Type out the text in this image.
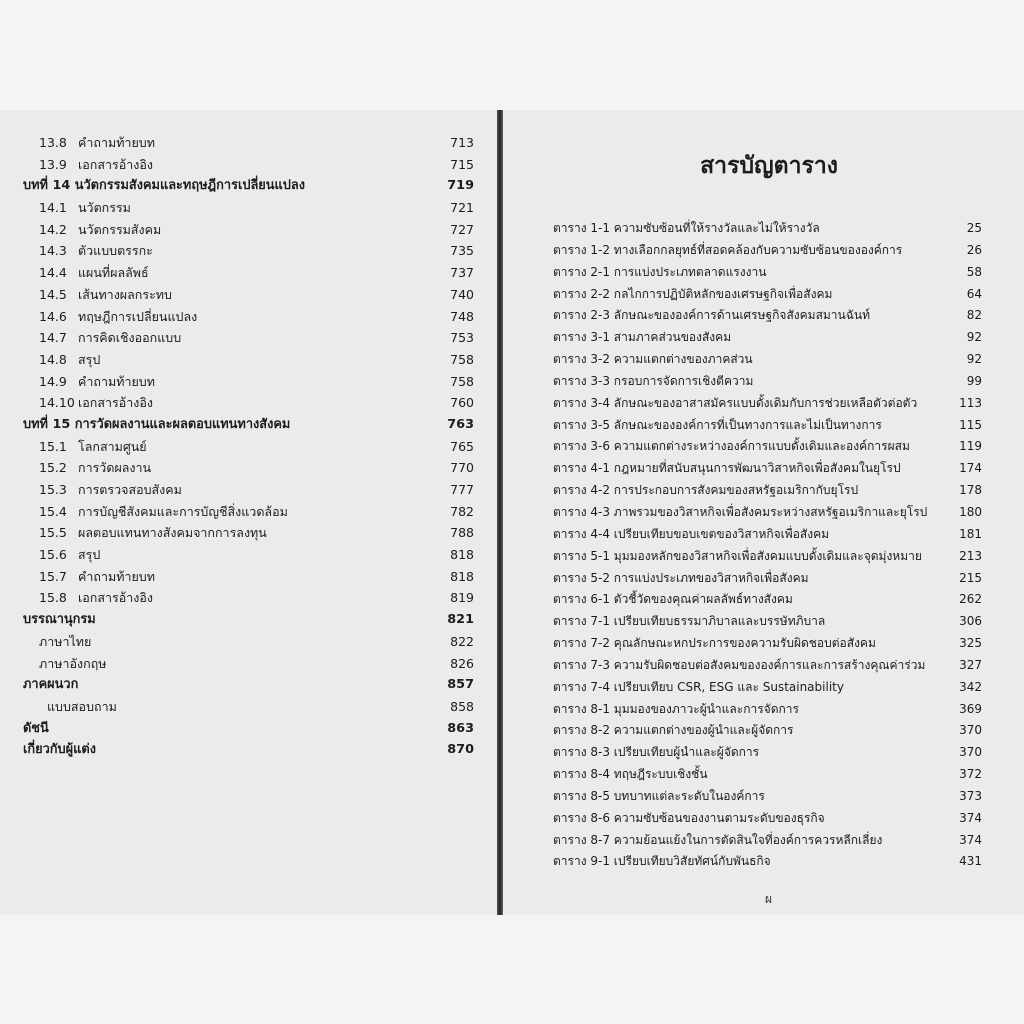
13.8 คำถามท้ายบท	713
13.9 เอกสารอ้างอิง	715
บทที่ 14 นวัตกรรมสังคมและทฤษฎีการเปลี่ยนแปลง	719
14.1 นวัตกรรม	721
14.2 นวัตกรรมสังคม	727
14.3 ตัวแบบตรรกะ	735
14.4 แผนที่ผลลัพธ์	737
14.5 เส้นทางผลกระทบ	740
14.6 ทฤษฎีการเปลี่ยนแปลง	748
14.7 การคิดเชิงออกแบบ	753
14.8 สรุป	758
14.9 คำถามท้ายบท	758
14.10 เอกสารอ้างอิง	760
บทที่ 15 การวัดผลงานและผลตอบแทนทางสังคม	763
15.1 โลกสามศูนย์	765
15.2 การวัดผลงาน	770
15.3 การตรวจสอบสังคม	777
15.4 การบัญชีสังคมและการบัญชีสิ่งแวดล้อม	782
15.5 ผลตอบแทนทางสังคมจากการลงทุน	788
15.6 สรุป	818
15.7 คำถามท้ายบท	818
15.8 เอกสารอ้างอิง	819
บรรณานุกรม	821
ภาษาไทย	822
ภาษาอังกฤษ	826
ภาคผนวก	857
แบบสอบถาม	858
ดัชนี	863
เกี่ยวกับผู้แต่ง	870
สารบัญตาราง
ตาราง 1-1 ความซับซ้อนที่ให้รางวัลและไม่ให้รางวัล	25
ตาราง 1-2 ทางเลือกกลยุทธ์ที่สอดคล้องกับความซับซ้อนขององค์การ	26
ตาราง 2-1 การแบ่งประเภทตลาดแรงงาน	58
ตาราง 2-2 กลไกการปฏิบัติหลักของเศรษฐกิจเพื่อสังคม	64
ตาราง 2-3 ลักษณะขององค์การด้านเศรษฐกิจสังคมสมานฉันท์	82
ตาราง 3-1 สามภาคส่วนของสังคม	92
ตาราง 3-2 ความแตกต่างของภาคส่วน	92
ตาราง 3-3 กรอบการจัดการเชิงตีความ	99
ตาราง 3-4 ลักษณะของอาสาสมัครแบบดั้งเดิมกับการช่วยเหลือตัวต่อตัว	113
ตาราง 3-5 ลักษณะขององค์การที่เป็นทางการและไม่เป็นทางการ	115
ตาราง 3-6 ความแตกต่างระหว่างองค์การแบบดั้งเดิมและองค์การผสม	119
ตาราง 4-1 กฎหมายที่สนับสนุนการพัฒนาวิสาหกิจเพื่อสังคมในยุโรป	174
ตาราง 4-2 การประกอบการสังคมของสหรัฐอเมริกากับยุโรป	178
ตาราง 4-3 ภาพรวมของวิสาหกิจเพื่อสังคมระหว่างสหรัฐอเมริกาและยุโรป	180
ตาราง 4-4 เปรียบเทียบขอบเขตของวิสาหกิจเพื่อสังคม	181
ตาราง 5-1 มุมมองหลักของวิสาหกิจเพื่อสังคมแบบดั้งเดิมและจุดมุ่งหมาย	213
ตาราง 5-2 การแบ่งประเภทของวิสาหกิจเพื่อสังคม	215
ตาราง 6-1 ตัวชี้วัดของคุณค่าผลลัพธ์ทางสังคม	262
ตาราง 7-1 เปรียบเทียบธรรมาภิบาลและบรรษัทภิบาล	306
ตาราง 7-2 คุณลักษณะหกประการของความรับผิดชอบต่อสังคม	325
ตาราง 7-3 ความรับผิดชอบต่อสังคมขององค์การและการสร้างคุณค่าร่วม	327
ตาราง 7-4 เปรียบเทียบ CSR, ESG และ Sustainability	342
ตาราง 8-1 มุมมองของภาวะผู้นำและการจัดการ	369
ตาราง 8-2 ความแตกต่างของผู้นำและผู้จัดการ	370
ตาราง 8-3 เปรียบเทียบผู้นำและผู้จัดการ	370
ตาราง 8-4 ทฤษฎีระบบเชิงชั้น	372
ตาราง 8-5 บทบาทแต่ละระดับในองค์การ	373
ตาราง 8-6 ความซับซ้อนของงานตามระดับของธุรกิจ	374
ตาราง 8-7 ความย้อนแย้งในการตัดสินใจที่องค์การควรหลีกเลี่ยง	374
ตาราง 9-1 เปรียบเทียบวิสัยทัศน์กับพันธกิจ	431
ผ
